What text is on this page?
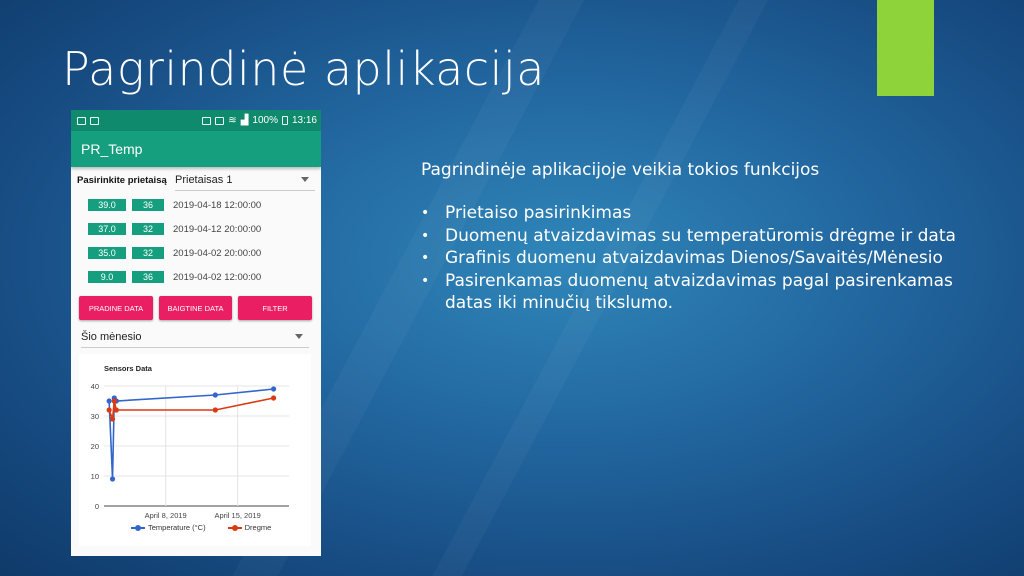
Pagrindinė aplikacija
≋ ▟ 100% 13:16
PR_Temp
Pasirinkite prietaisą Prietaisas 1
39.0	36	2019-04-18 12:00:00
37.0	32	2019-04-12 20:00:00
35.0	32	2019-04-02 20:00:00
9.0	36	2019-04-02 12:00:00
PRADINE DATA	BAIGTINE DATA	FILTER
Šio mėnesio
0
10
20
30
40
April 8, 2019	April 15, 2019
Sensors Data
Temperature (°C)	Dregme
Pagrindinėje aplikacijoje veikia tokios funkcijos
• Prietaiso pasirinkimas
• Duomenų atvaizdavimas su temperatūromis drėgme ir data
• Grafinis duomenu atvaizdavimas Dienos/Savaitės/Mėnesio
• Pasirenkamas duomenų atvaizdavimas pagal pasirenkamas datas iki minučių tikslumo.
